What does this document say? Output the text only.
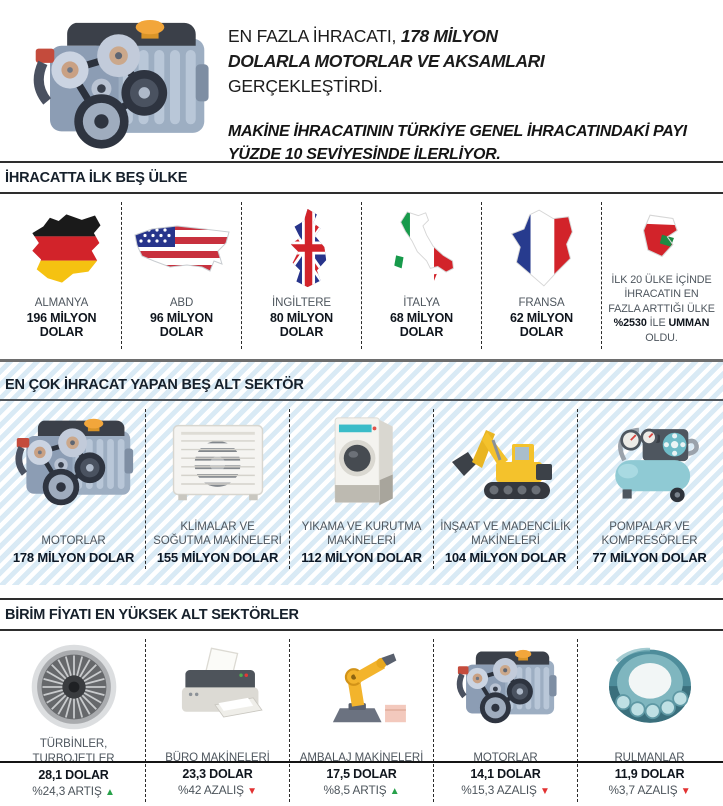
EN FAZLA İHRACATI, 178 MİLYON DOLARLA MOTORLAR VE AKSAMLARI GERÇEKLEŞTİRDİ.
MAKİNE İHRACATININ TÜRKİYE GENEL İHRACATINDAKİ PAYI YÜZDE 10 SEVİYESİNDE İLERLİYOR.
İHRACATTA İLK BEŞ ÜLKE
ALMANYA
196 MİLYON DOLAR
ABD
96 MİLYON DOLAR
İNGİLTERE
80 MİLYON DOLAR
İTALYA
68 MİLYON DOLAR
FRANSA
62 MİLYON DOLAR
İLK 20 ÜLKE İÇİNDE İHRACATIN EN FAZLA ARTTIĞI ÜLKE %2530 İLE UMMAN OLDU.
EN ÇOK İHRACAT YAPAN BEŞ ALT SEKTÖR
MOTORLAR
178 MİLYON DOLAR
KLİMALAR VE SOĞUTMA MAKİNELERİ
155 MİLYON DOLAR
YIKAMA VE KURUTMA MAKİNELERİ
112 MİLYON DOLAR
İNŞAAT VE MADENCİLİK MAKİNELERİ
104 MİLYON DOLAR
POMPALAR VE KOMPRESÖRLER
77 MİLYON DOLAR
BİRİM FİYATI EN YÜKSEK ALT SEKTÖRLER
TÜRBİNLER, TURBOJETLER
28,1 DOLAR
%24,3 ARTIŞ ▲
BÜRO MAKİNELERİ
23,3 DOLAR
%42 AZALIŞ ▼
AMBALAJ MAKİNELERİ
17,5 DOLAR
%8,5 ARTIŞ ▲
MOTORLAR
14,1 DOLAR
%15,3 AZALIŞ ▼
RULMANLAR
11,9 DOLAR
%3,7 AZALIŞ ▼
